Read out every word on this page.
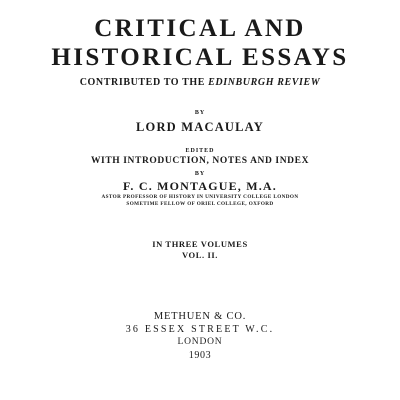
CRITICAL AND
HISTORICAL ESSAYS
CONTRIBUTED TO THE EDINBURGH REVIEW
BY
LORD MACAULAY
EDITED
WITH INTRODUCTION, NOTES AND INDEX
BY
F. C. MONTAGUE, M.A.
ASTOR PROFESSOR OF HISTORY IN UNIVERSITY COLLEGE LONDON
SOMETIME FELLOW OF ORIEL COLLEGE, OXFORD
IN THREE VOLUMES
VOL. II.
METHUEN & CO.
36 ESSEX STREET W.C.
LONDON
1903
